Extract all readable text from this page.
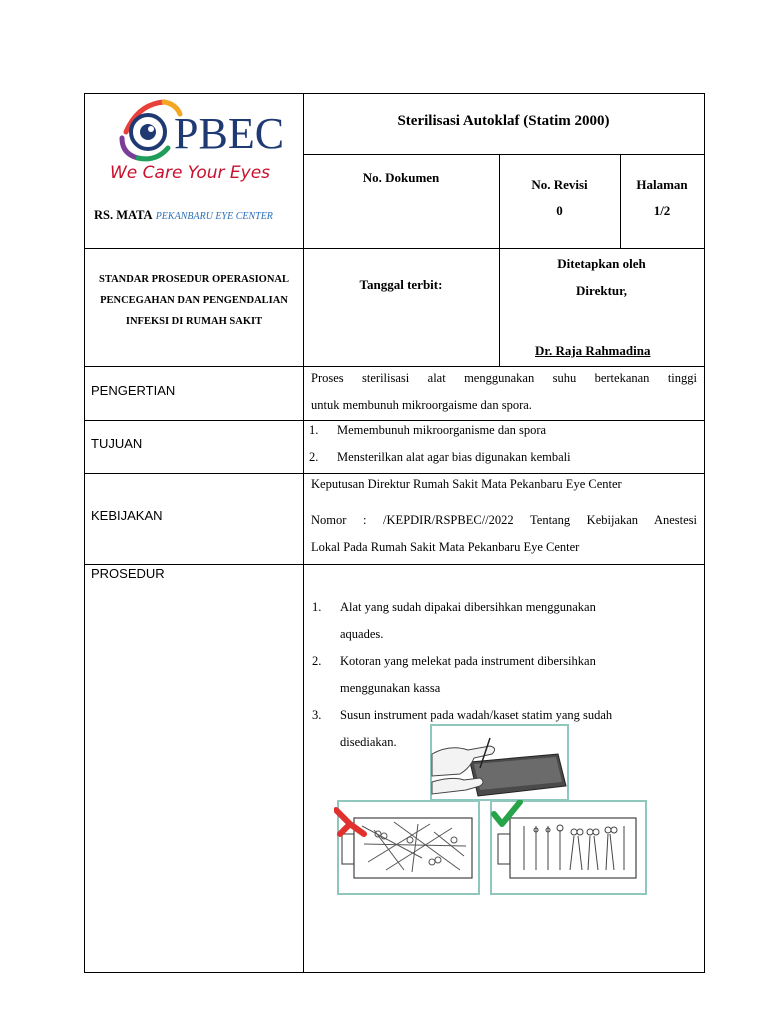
PBEC
We Care Your Eyes
RS. MATA PEKANBARU EYE CENTER
Sterilisasi Autoklaf (Statim 2000)
No. Dokumen	No. Revisi
0
Halaman
1/2
STANDAR PROSEDUR OPERASIONAL
PENCEGAHAN DAN PENGENDALIAN
INFEKSI DI RUMAH SAKIT
Tanggal terbit:
Ditetapkan oleh
Direktur,
Dr. Raja Rahmadina
PENGERTIAN
Proses sterilisasi alat menggunakan suhu bertekanan tinggi
untuk membunuh mikroorgaisme dan spora.
TUJUAN
1. Memembunuh mikroorganisme dan spora
2. Mensterilkan alat agar bias digunakan kembali
KEBIJAKAN
Keputusan Direktur Rumah Sakit Mata Pekanbaru Eye Center
Nomor : /KEPDIR/RSPBEC//2022 Tentang Kebijakan Anestesi
Lokal Pada Rumah Sakit Mata Pekanbaru Eye Center
PROSEDUR
1. Alat yang sudah dipakai dibersihkan menggunakan
aquades.
2. Kotoran yang melekat pada instrument dibersihkan
menggunakan kassa
3. Susun instrument pada wadah/kaset statim yang sudah
disediakan.
